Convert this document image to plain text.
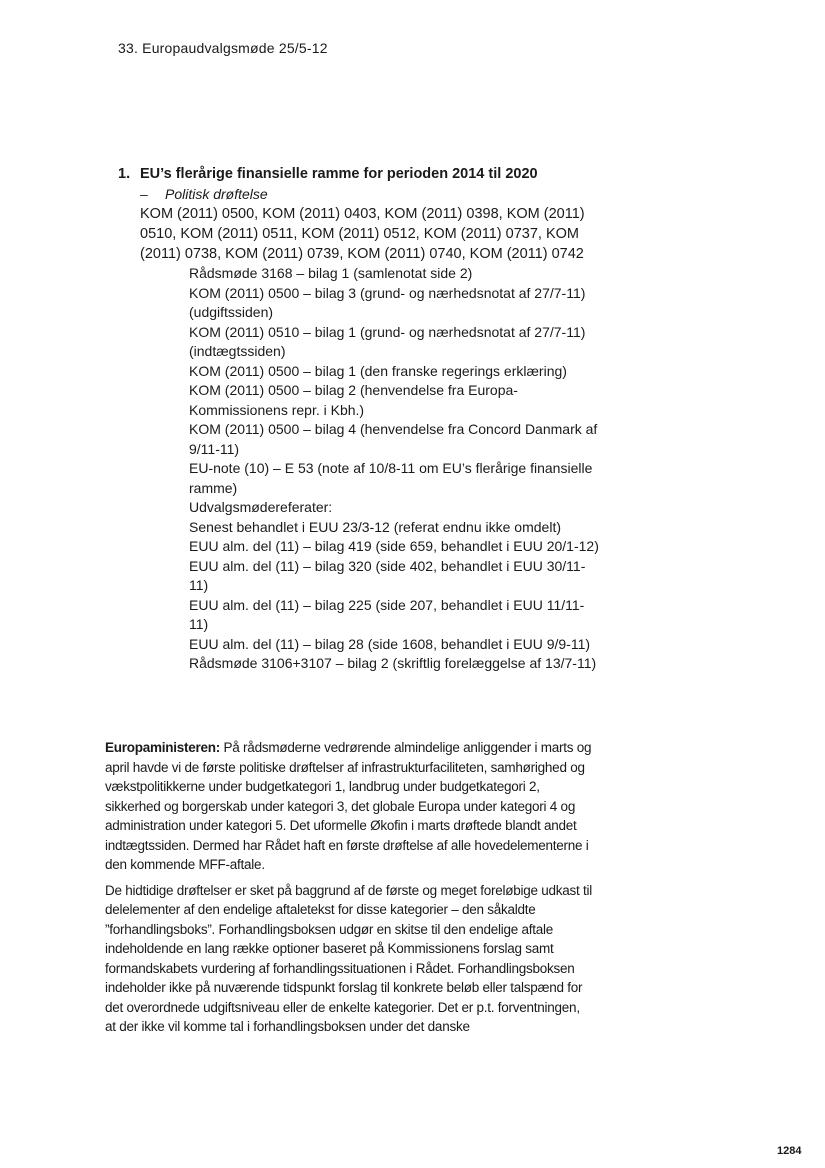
33. Europaudvalgsmøde 25/5-12
1. EU’s flerårige finansielle ramme for perioden 2014 til 2020
–	Politisk drøftelse
KOM (2011) 0500, KOM (2011) 0403, KOM (2011) 0398, KOM (2011) 0510, KOM (2011) 0511, KOM (2011) 0512, KOM (2011) 0737, KOM (2011) 0738, KOM (2011) 0739, KOM (2011) 0740, KOM (2011) 0742

Rådsmøde 3168 – bilag 1 (samlenotat side 2)

KOM (2011) 0500 – bilag 3 (grund- og nærhedsnotat af 27/7-11) (udgiftssiden)

KOM (2011) 0510 – bilag 1 (grund- og nærhedsnotat af 27/7-11) (indtægtssiden)

KOM (2011) 0500 – bilag 1 (den franske regerings erklæring)

KOM (2011) 0500 – bilag 2 (henvendelse fra Europa-Kommissionens repr. i Kbh.)

KOM (2011) 0500 – bilag 4 (henvendelse fra Concord Danmark af 9/11-11)

EU-note (10) – E 53 (note af 10/8-11 om EU’s flerårige finansielle ramme)

Udvalgsmødereferater:

Senest behandlet i EUU 23/3-12 (referat endnu ikke omdelt)

EUU alm. del (11) – bilag 419 (side 659, behandlet i EUU 20/1-12)

EUU alm. del (11) – bilag 320 (side 402, behandlet i EUU 30/11-11)

EUU alm. del (11) – bilag 225 (side 207, behandlet i EUU 11/11-11)

EUU alm. del (11) – bilag 28 (side 1608, behandlet i EUU 9/9-11)

Rådsmøde 3106+3107 – bilag 2 (skriftlig forelæggelse af 13/7-11)

Europaministeren: På rådsmøderne vedrørende almindelige anliggender i marts og april havde vi de første politiske drøftelser af infrastrukturfaciliteten, samhørighed og vækstpolitikkerne under budgetkategori 1, landbrug under budgetkategori 2, sikkerhed og borgerskab under kategori 3, det globale Europa under kategori 4 og administration under kategori 5. Det uformelle Økofin i marts drøftede blandt andet indtægtssiden. Dermed har Rådet haft en første drøftelse af alle hovedelementerne i den kommende MFF-aftale.

De hidtidige drøftelser er sket på baggrund af de første og meget foreløbige udkast til delelementer af den endelige aftaletekst for disse kategorier – den såkaldte ”forhandlingsboks”. Forhandlingsboksen udgør en skitse til den endelige aftale indeholdende en lang række optioner baseret på Kommissionens forslag samt formandskabets vurdering af forhandlingssituationen i Rådet. Forhandlingsboksen indeholder ikke på nuværende tidspunkt forslag til konkrete beløb eller talspænd for det overordnede udgiftsniveau eller de enkelte kategorier. Det er p.t. forventningen, at der ikke vil komme tal i forhandlingsboksen under det danske

1284
